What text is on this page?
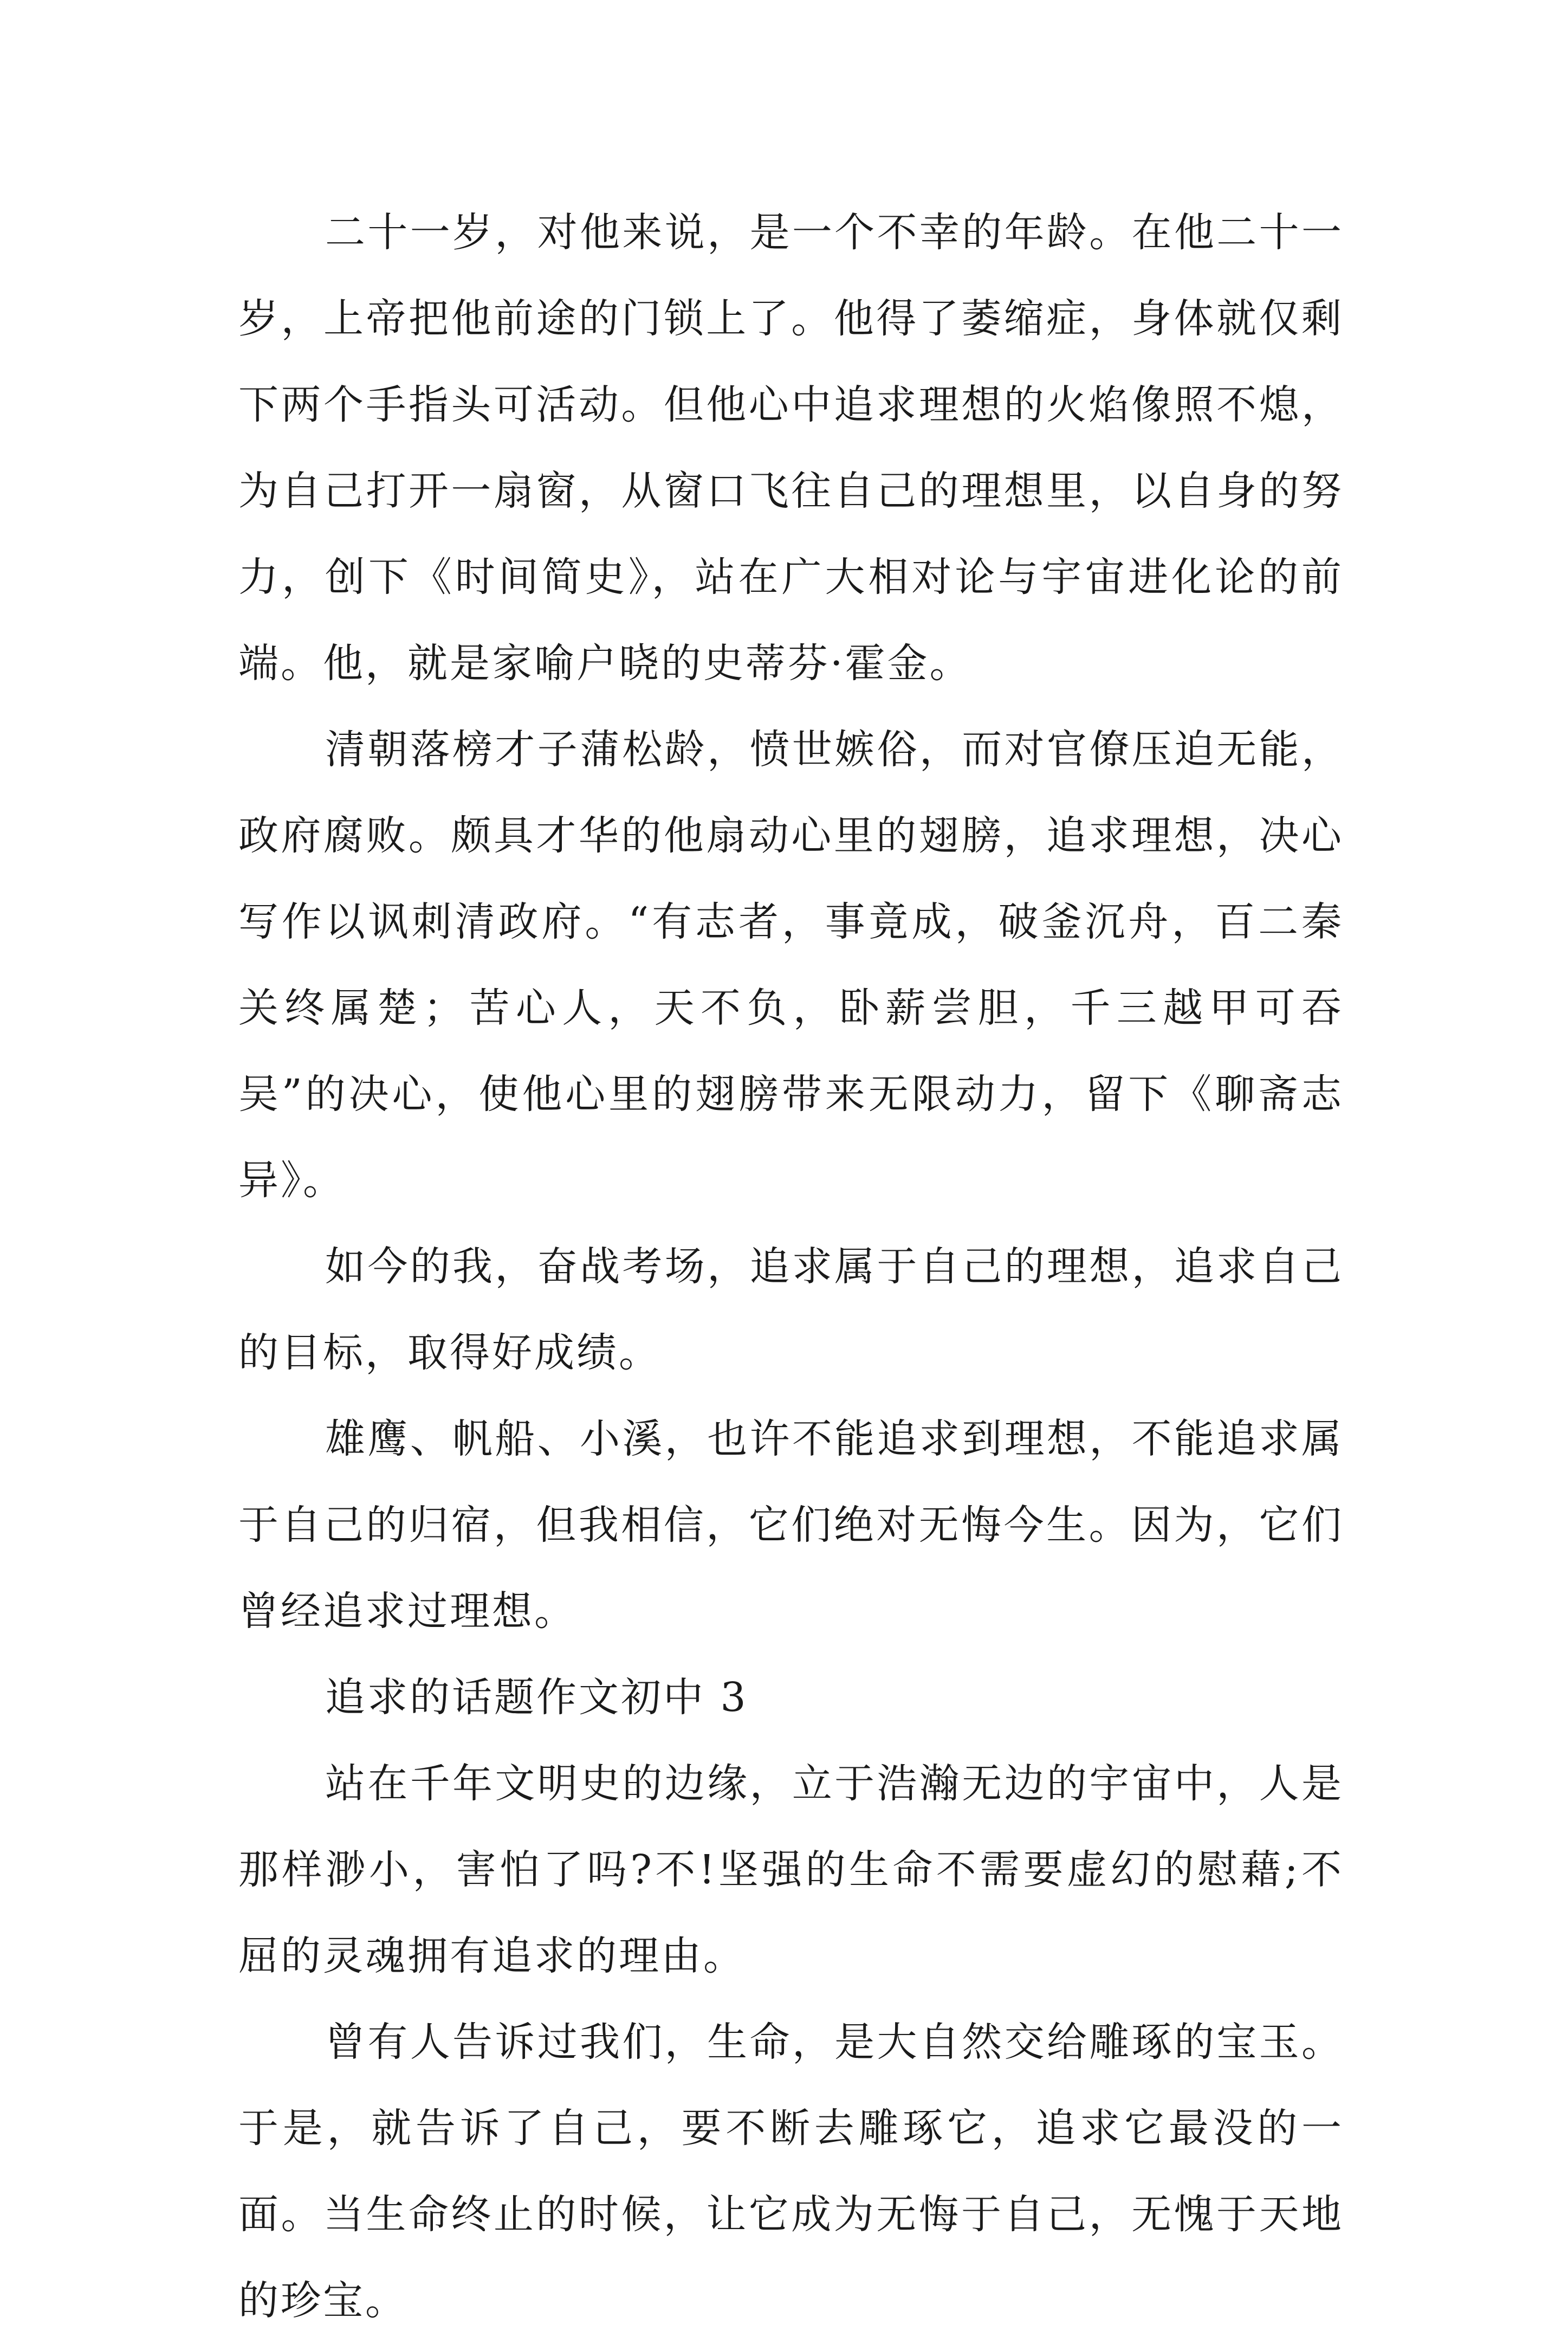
二十一岁，对他来说，是一个不幸的年龄。在他二十一岁，上帝把他前途的门锁上了。他得了萎缩症，身体就仅剩下两个手指头可活动。但他心中追求理想的火焰像照不熄，为自己打开一扇窗，从窗口飞往自己的理想里，以自身的努力，创下《时间简史》，站在广大相对论与宇宙进化论的前端。他，就是家喻户晓的史蒂芬·霍金。

清朝落榜才子蒲松龄，愤世嫉俗，而对官僚压迫无能，政府腐败。颇具才华的他扇动心里的翅膀，追求理想，决心写作以讽刺清政府。“有志者，事竟成，破釜沉舟，百二秦关终属楚；苦心人，天不负，卧薪尝胆，千三越甲可吞吴”的决心，使他心里的翅膀带来无限动力，留下《聊斋志异》。

如今的我，奋战考场，追求属于自己的理想，追求自己的目标，取得好成绩。

雄鹰、帆船、小溪，也许不能追求到理想，不能追求属于自己的归宿，但我相信，它们绝对无悔今生。因为，它们曾经追求过理想。

追求的话题作文初中 3

站在千年文明史的边缘，立于浩瀚无边的宇宙中，人是那样渺小，害怕了吗?不!坚强的生命不需要虚幻的慰藉;不屈的灵魂拥有追求的理由。

曾有人告诉过我们，生命，是大自然交给雕琢的宝玉。于是，就告诉了自己，要不断去雕琢它，追求它最没的一面。当生命终止的时候，让它成为无悔于自己，无愧于天地的珍宝。
